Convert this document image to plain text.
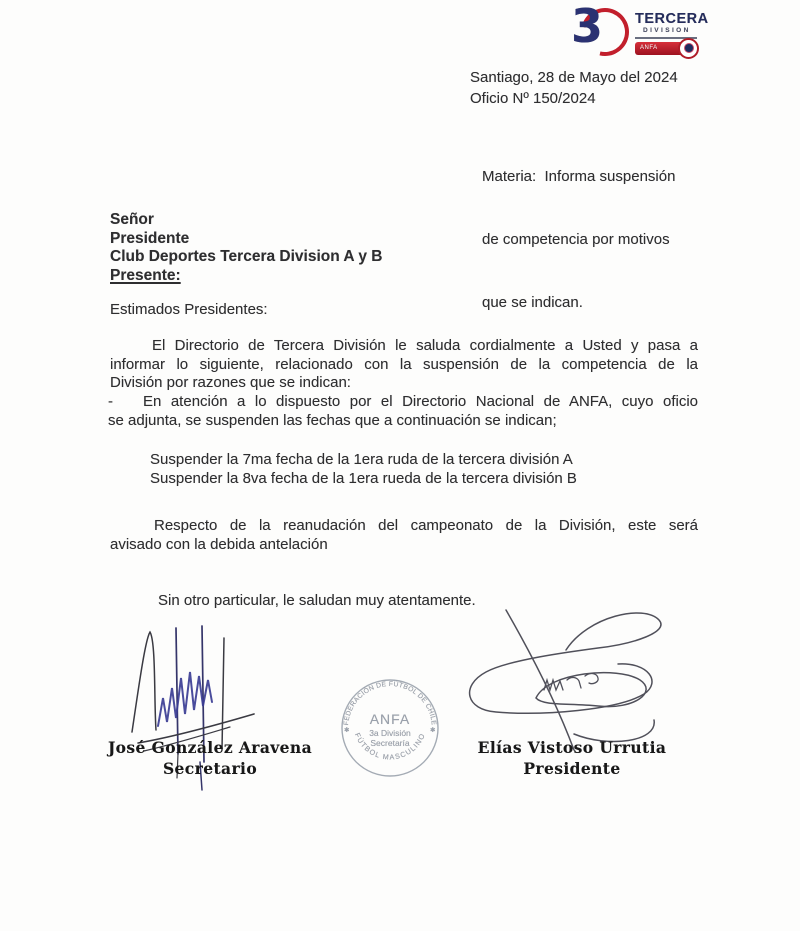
3 TERCERA
DIVISION
ANFA
Santiago, 28 de Mayo del 2024
Oficio Nº 150/2024

Materia:  Informa suspensión

de competencia por motivos

que se indican.

Señor
Presidente
Club Deportes Tercera Division A y B
Presente:
Estimados Presidentes:
El Directorio de Tercera División le saluda cordialmente a Usted y pasa a
informar lo siguiente, relacionado con la suspensión de la competencia de la
División por razones que se indican:
- En atención a lo dispuesto por el Directorio Nacional de ANFA, cuyo oficio
se adjunta, se suspenden las fechas que a continuación se indican;
Suspender la 7ma fecha de la 1era ruda de la tercera división A
Suspender la 8va fecha de la 1era rueda de la tercera división B
Respecto de la reanudación del campeonato de la División, este será
avisado con la debida antelación
Sin otro particular, le saludan muy atentamente.
FEDERACIÓN DE FÚTBOL DE CHILE
FÚTBOL MASCULINO
ANFA
3a División
Secretaría
✱	✱
José González Aravena
Secretario
Elías Vistoso Urrutia
Presidente
